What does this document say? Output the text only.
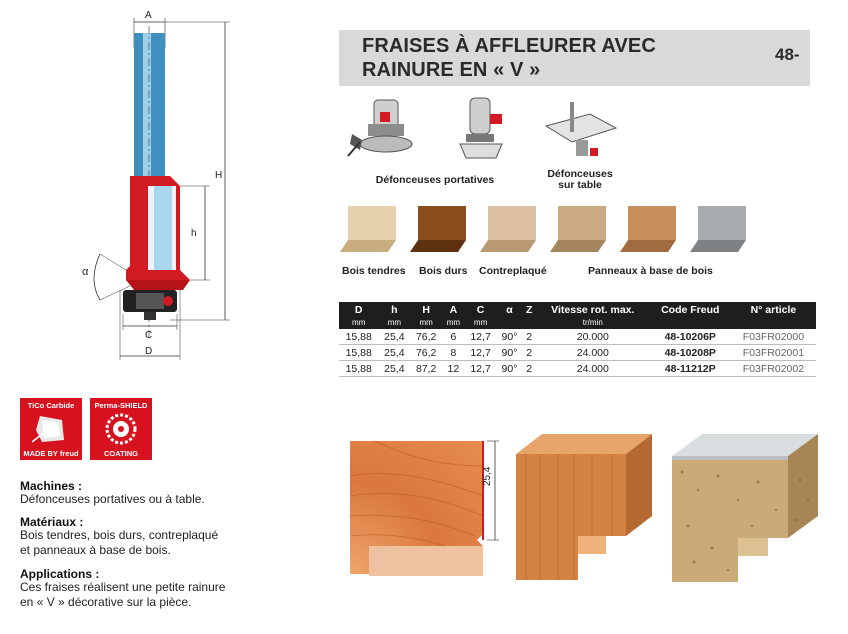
A
H
h
α
C
D
FRAISES À AFFLEURER AVEC
RAINURE EN « V »
48-
Défonceuses portatives	Défonceuses
sur table
Bois tendres Bois durs Contreplaqué	Panneaux à base de bois
D	h	H	A	C	α	Z	Vitesse rot. max.	Code Freud	N° article
mm	mm	mm	mm	mm			tr/min		
15,88	25,4	76,2	6	12,7	90°	2	20.000	48-10206P	F03FR02000
15,88	25,4	76,2	8	12,7	90°	2	24.000	48-10208P	F03FR02001
15,88	25,4	87,2	12	12,7	90°	2	24.000	48-11212P	F03FR02002
TiCo Carbide
MADE BY freud
Perma-SHIELD
COATING
Machines :
Défonceuses portatives ou à table.
Matériaux :
Bois tendres, bois durs, contreplaqué
et panneaux à base de bois.
Applications :
Ces fraises réalisent une petite rainure
en « V » décorative sur la pièce.
25,4
